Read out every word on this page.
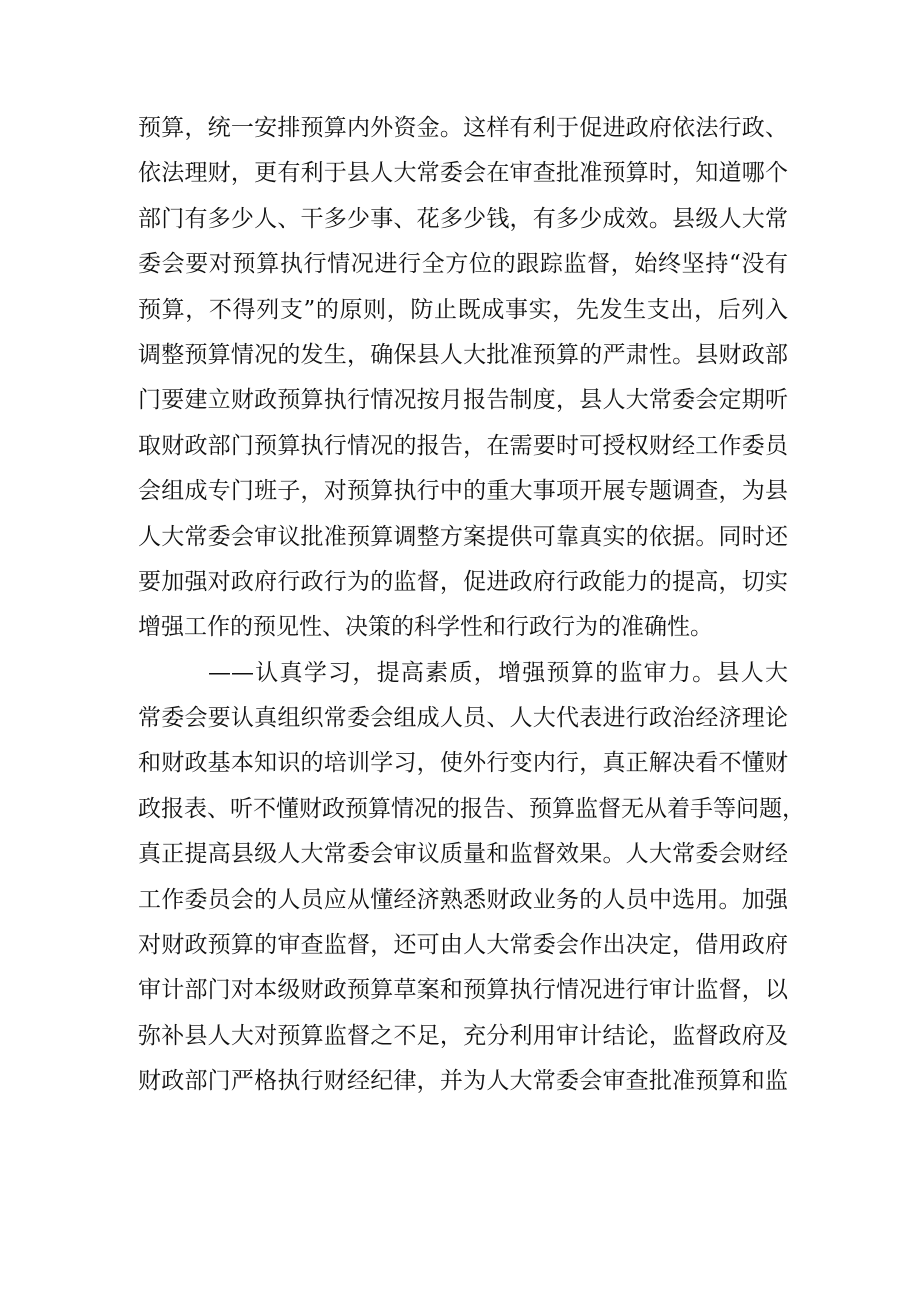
预算，统一安排预算内外资金。这样有利于促进政府依法行政、
依法理财，更有利于县人大常委会在审查批准预算时，知道哪个
部门有多少人、干多少事、花多少钱，有多少成效。县级人大常
委会要对预算执行情况进行全方位的跟踪监督，始终坚持“没有
预算，不得列支”的原则，防止既成事实，先发生支出，后列入
调整预算情况的发生，确保县人大批准预算的严肃性。县财政部
门要建立财政预算执行情况按月报告制度，县人大常委会定期听
取财政部门预算执行情况的报告，在需要时可授权财经工作委员
会组成专门班子，对预算执行中的重大事项开展专题调查，为县
人大常委会审议批准预算调整方案提供可靠真实的依据。同时还
要加强对政府行政行为的监督，促进政府行政能力的提高，切实
增强工作的预见性、决策的科学性和行政行为的准确性。
——认真学习，提高素质，增强预算的监审力。县人大
常委会要认真组织常委会组成人员、人大代表进行政治经济理论
和财政基本知识的培训学习，使外行变内行，真正解决看不懂财
政报表、听不懂财政预算情况的报告、预算监督无从着手等问题，
真正提高县级人大常委会审议质量和监督效果。人大常委会财经
工作委员会的人员应从懂经济熟悉财政业务的人员中选用。加强
对财政预算的审查监督，还可由人大常委会作出决定，借用政府
审计部门对本级财政预算草案和预算执行情况进行审计监督，以
弥补县人大对预算监督之不足，充分利用审计结论，监督政府及
财政部门严格执行财经纪律，并为人大常委会审查批准预算和监
